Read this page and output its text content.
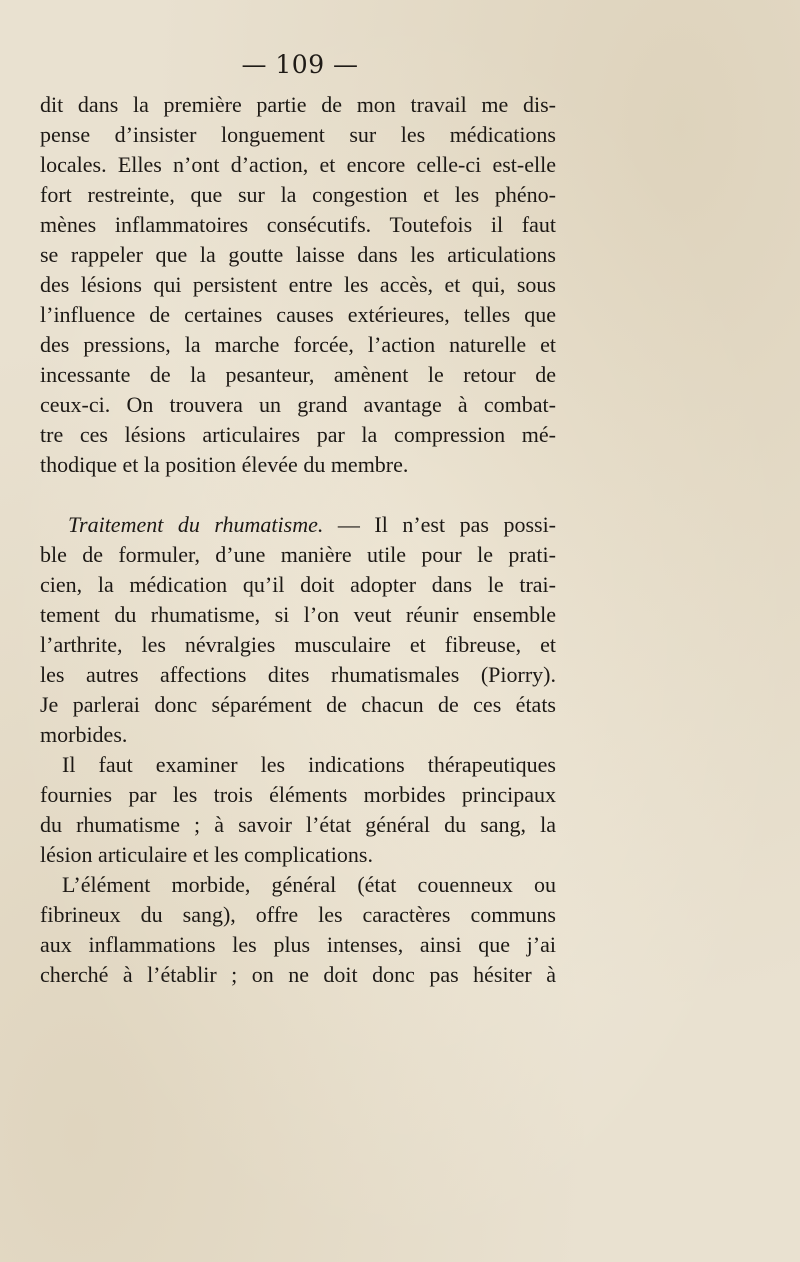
— 109 —
dit dans la première partie de mon travail me dis-
pense d’insister longuement sur les médications
locales. Elles n’ont d’action, et encore celle-ci est-elle
fort restreinte, que sur la congestion et les phéno-
mènes inflammatoires consécutifs. Toutefois il faut
se rappeler que la goutte laisse dans les articulations
des lésions qui persistent entre les accès, et qui, sous
l’influence de certaines causes extérieures, telles que
des pressions, la marche forcée, l’action naturelle et
incessante de la pesanteur, amènent le retour de
ceux-ci. On trouvera un grand avantage à combat-
tre ces lésions articulaires par la compression mé-
thodique et la position élevée du membre.
Traitement du rhumatisme. — Il n’est pas possi-
ble de formuler, d’une manière utile pour le prati-
cien, la médication qu’il doit adopter dans le trai-
tement du rhumatisme, si l’on veut réunir ensemble
l’arthrite, les névralgies musculaire et fibreuse, et
les autres affections dites rhumatismales (Piorry).
Je parlerai donc séparément de chacun de ces états
morbides.
Il faut examiner les indications thérapeutiques
fournies par les trois éléments morbides principaux
du rhumatisme ; à savoir l’état général du sang, la
lésion articulaire et les complications.
L’élément morbide, général (état couenneux ou
fibrineux du sang), offre les caractères communs
aux inflammations les plus intenses, ainsi que j’ai
cherché à l’établir ; on ne doit donc pas hésiter à
